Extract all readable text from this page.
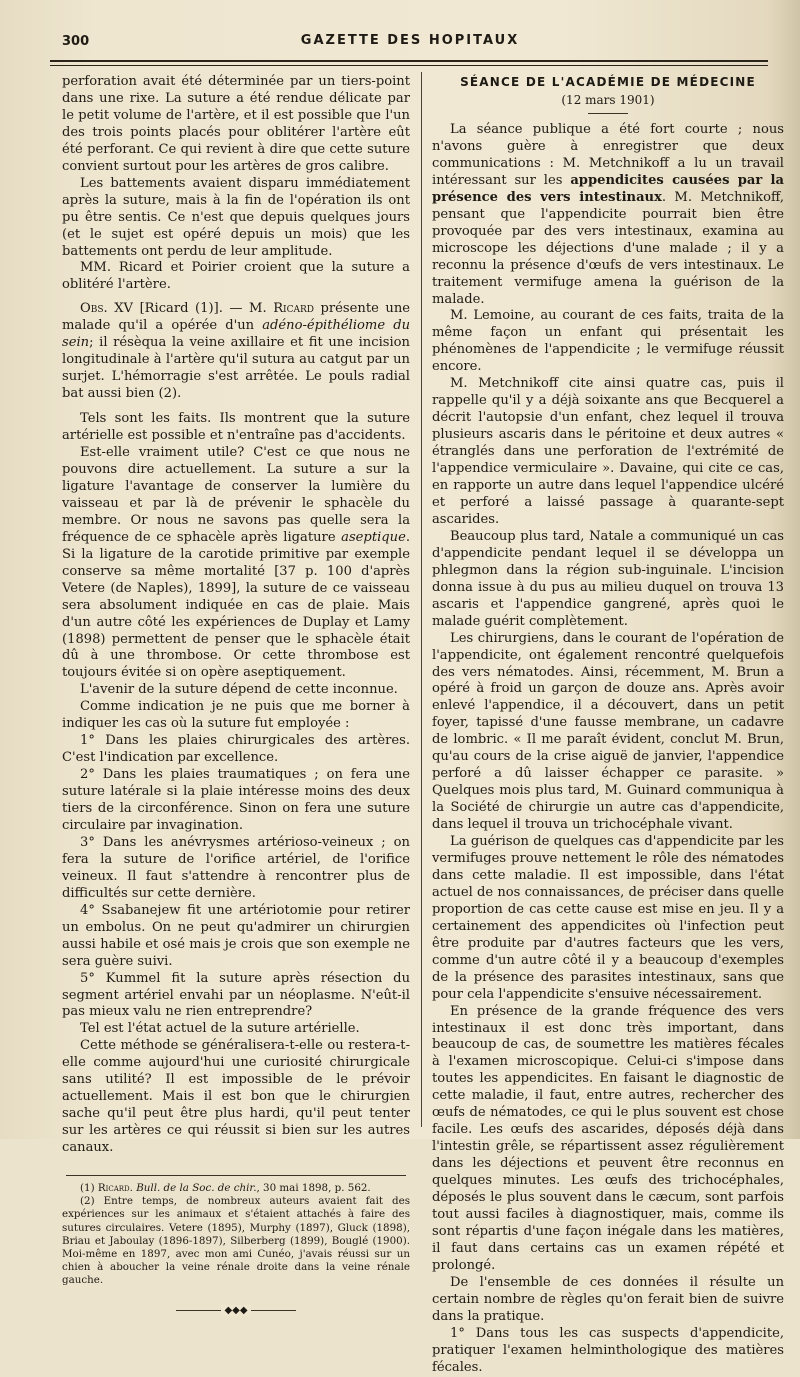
300	GAZETTE DES HOPITAUX

perforation avait été déterminée par un tiers-point dans une rixe. La suture a été rendue délicate par le petit volume de l'artère, et il est possible que l'un des trois points placés pour oblitérer l'artère eût été perforant. Ce qui revient à dire que cette suture convient surtout pour les artères de gros calibre.

Les battements avaient disparu immédiatement après la suture, mais à la fin de l'opération ils ont pu être sentis. Ce n'est que depuis quelques jours (et le sujet est opéré depuis un mois) que les battements ont perdu de leur amplitude.

MM. Ricard et Poirier croient que la suture a oblitéré l'artère.

Obs. XV [Ricard (1)]. — M. Ricard présente une malade qu'il a opérée d'un adéno-épithéliome du sein; il résèqua la veine axillaire et fit une incision longitudinale à l'artère qu'il sutura au catgut par un surjet. L'hémorragie s'est arrêtée. Le pouls radial bat aussi bien (2).

Tels sont les faits. Ils montrent que la suture artérielle est possible et n'entraîne pas d'accidents.

Est-elle vraiment utile? C'est ce que nous ne pouvons dire actuellement. La suture a sur la ligature l'avantage de conserver la lumière du vaisseau et par là de prévenir le sphacèle du membre. Or nous ne savons pas quelle sera la fréquence de ce sphacèle après ligature aseptique. Si la ligature de la carotide primitive par exemple conserve sa même mortalité [37 p. 100 d'après Vetere (de Naples), 1899], la suture de ce vaisseau sera absolument indiquée en cas de plaie. Mais d'un autre côté les expériences de Duplay et Lamy (1898) permettent de penser que le sphacèle était dû à une thrombose. Or cette thrombose est toujours évitée si on opère aseptiquement.

L'avenir de la suture dépend de cette inconnue.

Comme indication je ne puis que me borner à indiquer les cas où la suture fut employée :

1° Dans les plaies chirurgicales des artères. C'est l'indication par excellence.

2° Dans les plaies traumatiques ; on fera une suture latérale si la plaie intéresse moins des deux tiers de la circonférence. Sinon on fera une suture circulaire par invagination.

3° Dans les anévrysmes artérioso-veineux ; on fera la suture de l'orifice artériel, de l'orifice veineux. Il faut s'attendre à rencontrer plus de difficultés sur cette dernière.

4° Ssabanejew fit une artériotomie pour retirer un embolus. On ne peut qu'admirer un chirurgien aussi habile et osé mais je crois que son exemple ne sera guère suivi.

5° Kummel fit la suture après résection du segment artériel envahi par un néoplasme. N'eût-il pas mieux valu ne rien entreprendre?

Tel est l'état actuel de la suture artérielle.

Cette méthode se généralisera-t-elle ou restera-t-elle comme aujourd'hui une curiosité chirurgicale sans utilité? Il est impossible de le prévoir actuellement. Mais il est bon que le chirurgien sache qu'il peut être plus hardi, qu'il peut tenter sur les artères ce qui réussit si bien sur les autres canaux.

(1) Ricard. Bull. de la Soc. de chir., 30 mai 1898, p. 562.

(2) Entre temps, de nombreux auteurs avaient fait des expériences sur les animaux et s'étaient attachés à faire des sutures circulaires. Vetere (1895), Murphy (1897), Gluck (1898), Briau et Jaboulay (1896-1897), Silberberg (1899), Bouglé (1900). Moi-même en 1897, avec mon ami Cunéo, j'avais réussi sur un chien à aboucher la veine rénale droite dans la veine rénale gauche.

◆◆◆
SÉANCE DE L'ACADÉMIE DE MÉDECINE
(12 mars 1901)

La séance publique a été fort courte ; nous n'avons guère à enregistrer que deux communications : M. Metchnikoff a lu un travail intéressant sur les appendicites causées par la présence des vers intestinaux. M. Metchnikoff, pensant que l'appendicite pourrait bien être provoquée par des vers intestinaux, examina au microscope les déjections d'une malade ; il y a reconnu la présence d'œufs de vers intestinaux. Le traitement vermifuge amena la guérison de la malade.

M. Lemoine, au courant de ces faits, traita de la même façon un enfant qui présentait les phénomènes de l'appendicite ; le vermifuge réussit encore.

M. Metchnikoff cite ainsi quatre cas, puis il rappelle qu'il y a déjà soixante ans que Becquerel a décrit l'autopsie d'un enfant, chez lequel il trouva plusieurs ascaris dans le péritoine et deux autres « étranglés dans une perforation de l'extrémité de l'appendice vermiculaire ». Davaine, qui cite ce cas, en rapporte un autre dans lequel l'appendice ulcéré et perforé a laissé passage à quarante-sept ascarides.

Beaucoup plus tard, Natale a communiqué un cas d'appendicite pendant lequel il se développa un phlegmon dans la région sub-inguinale. L'incision donna issue à du pus au milieu duquel on trouva 13 ascaris et l'appendice gangrené, après quoi le malade guérit complètement.

Les chirurgiens, dans le courant de l'opération de l'appendicite, ont également rencontré quelquefois des vers nématodes. Ainsi, récemment, M. Brun a opéré à froid un garçon de douze ans. Après avoir enlevé l'appendice, il a découvert, dans un petit foyer, tapissé d'une fausse membrane, un cadavre de lombric. « Il me paraît évident, conclut M. Brun, qu'au cours de la crise aiguë de janvier, l'appendice perforé a dû laisser échapper ce parasite. » Quelques mois plus tard, M. Guinard communiqua à la Société de chirurgie un autre cas d'appendicite, dans lequel il trouva un trichocéphale vivant.

La guérison de quelques cas d'appendicite par les vermifuges prouve nettement le rôle des nématodes dans cette maladie. Il est impossible, dans l'état actuel de nos connaissances, de préciser dans quelle proportion de cas cette cause est mise en jeu. Il y a certainement des appendicites où l'infection peut être produite par d'autres facteurs que les vers, comme d'un autre côté il y a beaucoup d'exemples de la présence des parasites intestinaux, sans que pour cela l'appendicite s'ensuive nécessairement.

En présence de la grande fréquence des vers intestinaux il est donc très important, dans beaucoup de cas, de soumettre les matières fécales à l'examen microscopique. Celui-ci s'impose dans toutes les appendicites. En faisant le diagnostic de cette maladie, il faut, entre autres, rechercher des œufs de nématodes, ce qui le plus souvent est chose facile. Les œufs des ascarides, déposés déjà dans l'intestin grêle, se répartissent assez régulièrement dans les déjections et peuvent être reconnus en quelques minutes. Les œufs des trichocéphales, déposés le plus souvent dans le cæcum, sont parfois tout aussi faciles à diagnostiquer, mais, comme ils sont répartis d'une façon inégale dans les matières, il faut dans certains cas un examen répété et prolongé.

De l'ensemble de ces données il résulte un certain nombre de règles qu'on ferait bien de suivre dans la pratique.

1° Dans tous les cas suspects d'appendicite, pratiquer l'examen helminthologique des matières fécales.
